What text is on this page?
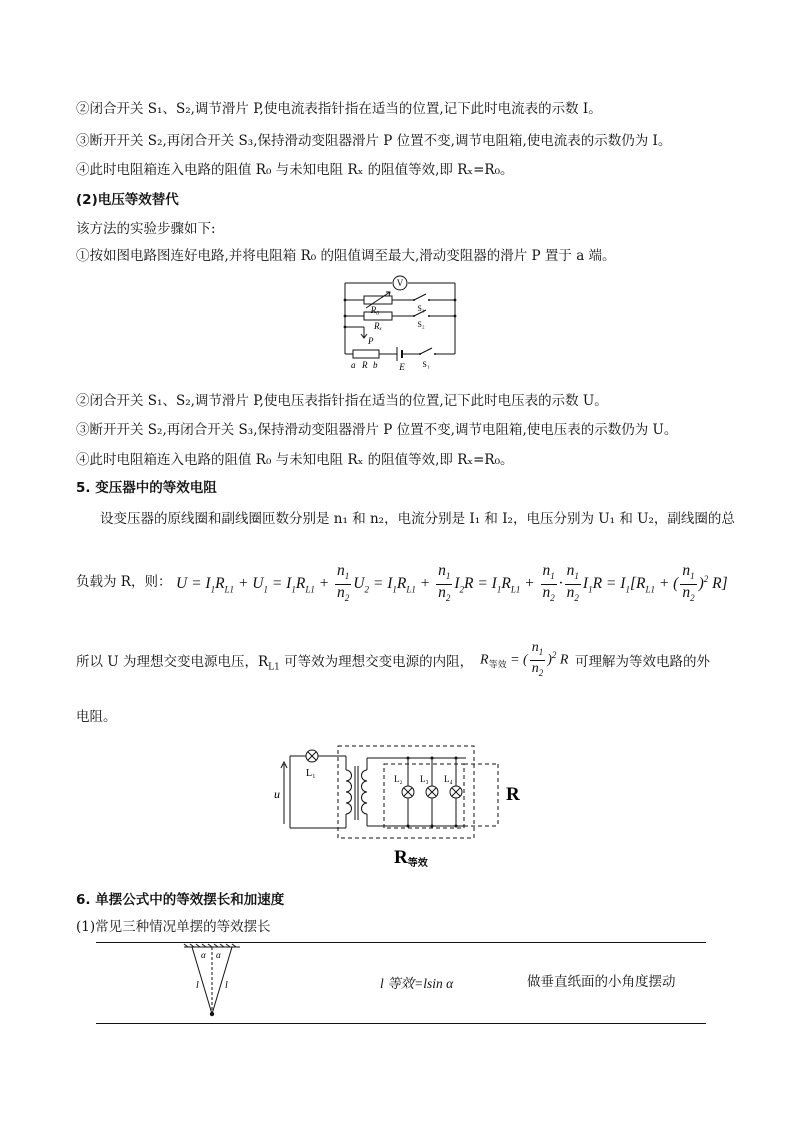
②闭合开关 S₁、S₂,调节滑片 P,使电流表指针指在适当的位置,记下此时电流表的示数 I。
③断开开关 S₂,再闭合开关 S₃,保持滑动变阻器滑片 P 位置不变,调节电阻箱,使电流表的示数仍为 I。
④此时电阻箱连入电路的阻值 R₀ 与未知电阻 Rₓ 的阻值等效,即 Rₓ=R₀。
(2)电压等效替代
该方法的实验步骤如下:
①按如图电路图连好电路,并将电阻箱 R₀ 的阻值调至最大,滑动变阻器的滑片 P 置于 a 端。
V
R₀
Rₓ
S₃
S₂
P
a R b E S₁
②闭合开关 S₁、S₂,调节滑片 P,使电压表指针指在适当的位置,记下此时电压表的示数 U。
③断开开关 S₂,再闭合开关 S₃,保持滑动变阻器滑片 P 位置不变,调节电阻箱,使电压表的示数仍为 U。
④此时电阻箱连入电路的阻值 R₀ 与未知电阻 Rₓ 的阻值等效,即 Rₓ=R₀。
5. 变压器中的等效电阻
设变压器的原线圈和副线圈匝数分别是 n₁ 和 n₂，电流分别是 I₁ 和 I₂，电压分别为 U₁ 和 U₂，副线圈的总
负载为 R，则： $U = I_1R_{L1} + U_1 = I_1R_{L1} + \frac{n_1}{n_2} U_2 = I_1R_{L1} + \frac{n_1}{n_2} I_2R = I_1R_{L1} + \frac{n_1}{n_2} \cdot \frac{n_1}{n_2} I_1R = I_1[R_{L1}$ + ( $\frac{n_1}{n_2} )^2$ R]
所以 U 为理想交变电源电压，$R_{L1}$ 可等效为理想交变电源的内阻， $R_{等效}$ = ( $\frac{n_1}{n_2} )^2$ R 可理解为等效电路的外
电阻。
u
L₁	L₂ L₃ L₄
R
R等效
6. 单摆公式中的等效摆长和加速度
(1)常见三种情况单摆的等效摆长
α α
l	l	l 等效=lsin α	做垂直纸面的小角度摆动
